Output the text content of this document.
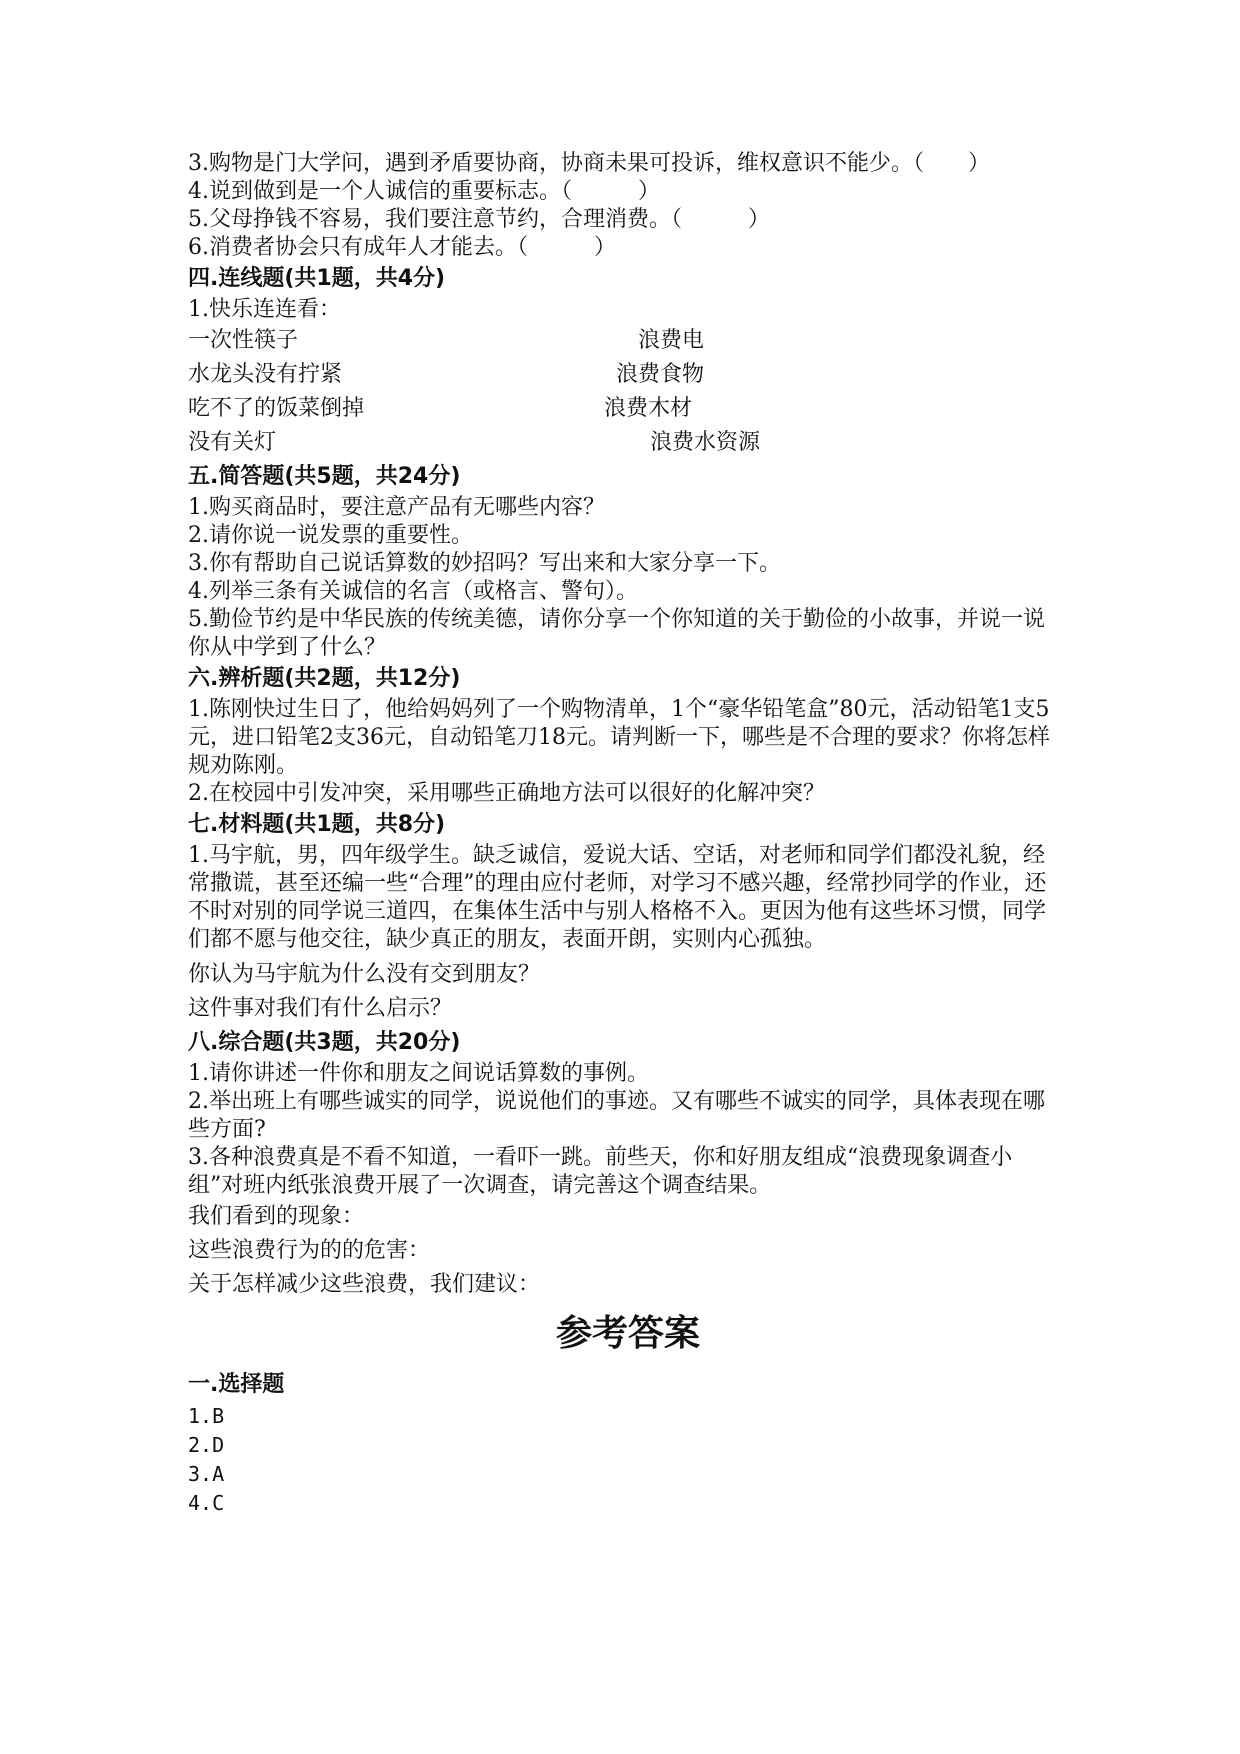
3.购物是门大学问，遇到矛盾要协商，协商未果可投诉，维权意识不能少。（　　）

4.说到做到是一个人诚信的重要标志。（　　　）

5.父母挣钱不容易，我们要注意节约，合理消费。（　　　）

6.消费者协会只有成年人才能去。（　　　）

四.连线题(共1题，共4分)

1.快乐连连看：

一次性筷子	浪费电
水龙头没有拧紧	浪费食物
吃不了的饭菜倒掉	浪费木材
没有关灯	浪费水资源

五.简答题(共5题，共24分)

1.购买商品时，要注意产品有无哪些内容？

2.请你说一说发票的重要性。

3.你有帮助自己说话算数的妙招吗？写出来和大家分享一下。

4.列举三条有关诚信的名言（或格言、警句）。

5.勤俭节约是中华民族的传统美德，请你分享一个你知道的关于勤俭的小故事，并说一说你从中学到了什么？

六.辨析题(共2题，共12分)

1.陈刚快过生日了，他给妈妈列了一个购物清单，1个“豪华铅笔盒”80元，活动铅笔1支5元，进口铅笔2支36元，自动铅笔刀18元。请判断一下，哪些是不合理的要求？你将怎样规劝陈刚。

2.在校园中引发冲突，采用哪些正确地方法可以很好的化解冲突？

七.材料题(共1题，共8分)

1.马宇航，男，四年级学生。缺乏诚信，爱说大话、空话，对老师和同学们都没礼貌，经常撒谎，甚至还编一些“合理”的理由应付老师，对学习不感兴趣，经常抄同学的作业，还不时对别的同学说三道四，在集体生活中与别人格格不入。更因为他有这些坏习惯，同学们都不愿与他交往，缺少真正的朋友，表面开朗，实则内心孤独。

你认为马宇航为什么没有交到朋友？

这件事对我们有什么启示？

八.综合题(共3题，共20分)

1.请你讲述一件你和朋友之间说话算数的事例。

2.举出班上有哪些诚实的同学，说说他们的事迹。又有哪些不诚实的同学，具体表现在哪些方面?

3.各种浪费真是不看不知道，一看吓一跳。前些天，你和好朋友组成“浪费现象调查小组”对班内纸张浪费开展了一次调查，请完善这个调查结果。

我们看到的现象：

这些浪费行为的的危害：

关于怎样减少这些浪费，我们建议：

参考答案

一.选择题

1.B

2.D

3.A

4.C
